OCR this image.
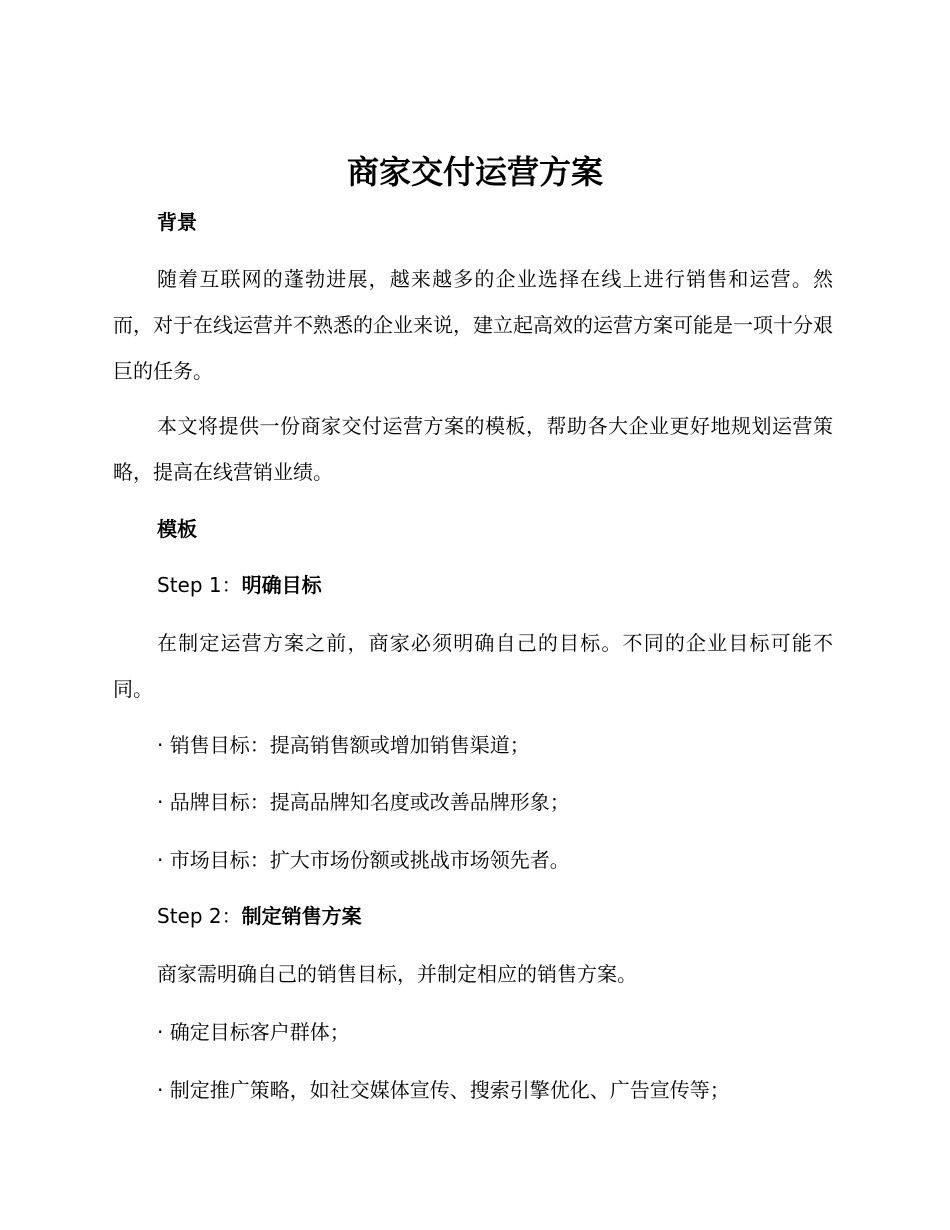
商家交付运营方案
背景
随着互联网的蓬勃进展，越来越多的企业选择在线上进行销售和运营。然而，对于在线运营并不熟悉的企业来说，建立起高效的运营方案可能是一项十分艰巨的任务。
本文将提供一份商家交付运营方案的模板，帮助各大企业更好地规划运营策略，提高在线营销业绩。
模板
Step 1：明确目标
在制定运营方案之前，商家必须明确自己的目标。不同的企业目标可能不同。
· 销售目标：提高销售额或增加销售渠道；
· 品牌目标：提高品牌知名度或改善品牌形象；
· 市场目标：扩大市场份额或挑战市场领先者。
Step 2：制定销售方案
商家需明确自己的销售目标，并制定相应的销售方案。
· 确定目标客户群体；
· 制定推广策略，如社交媒体宣传、搜索引擎优化、广告宣传等；
